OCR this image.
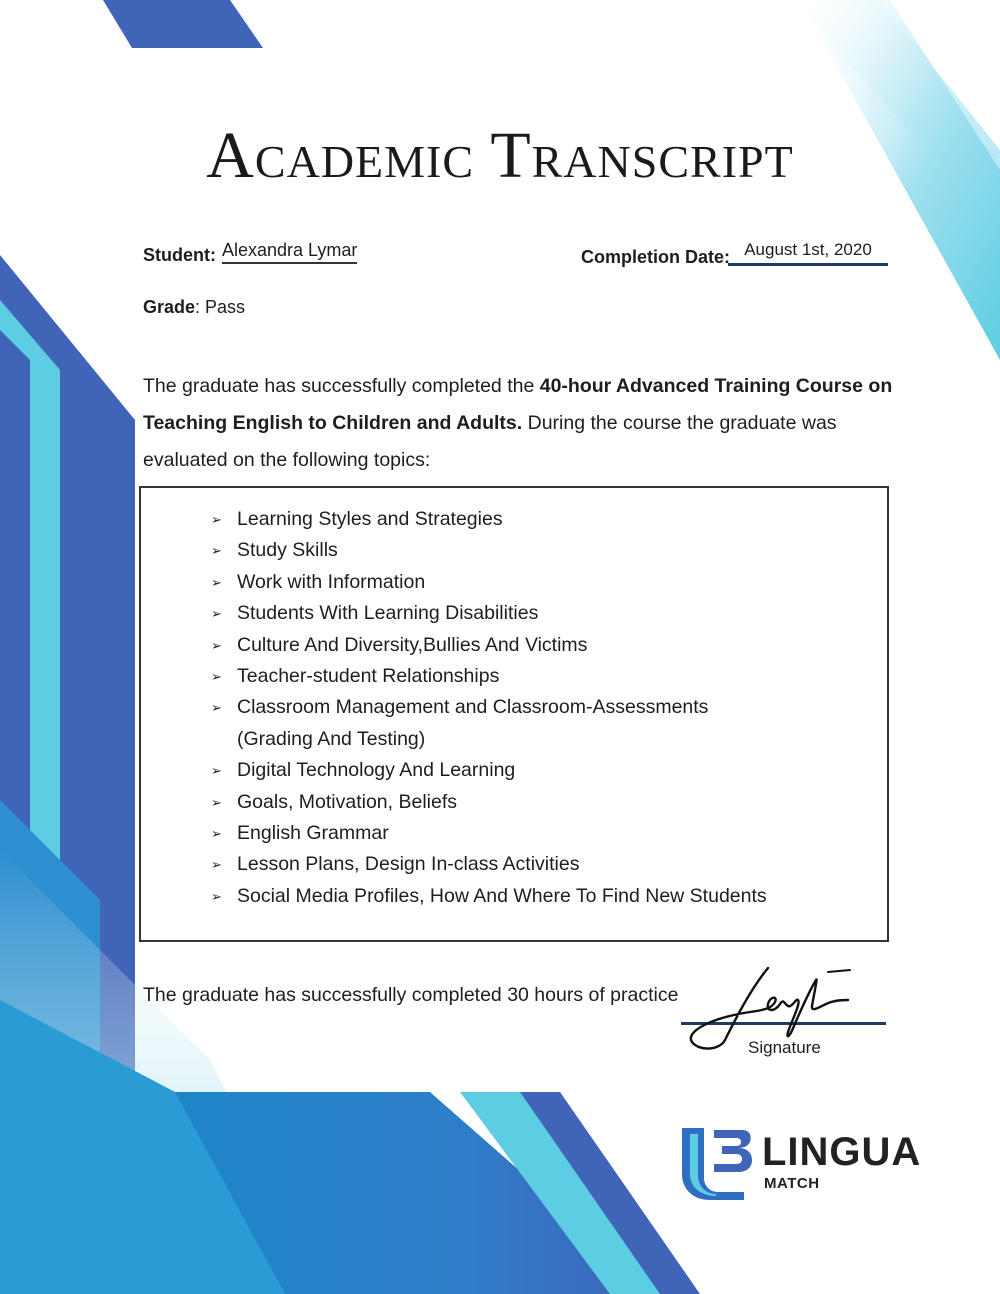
Academic Transcript
Student: Alexandra Lymar	Completion Date: August 1st, 2020
Grade: Pass
The graduate has successfully completed the 40-hour Advanced Training Course on Teaching English to Children and Adults. During the course the graduate was evaluated on the following topics:
➢ Learning Styles and Strategies
➢ Study Skills
➢ Work with Information
➢ Students With Learning Disabilities
➢ Culture And Diversity,Bullies And Victims
➢ Teacher-student Relationships
➢ Classroom Management and Classroom-Assessments
(Grading And Testing)
➢ Digital Technology And Learning
➢ Goals, Motivation, Beliefs
➢ English Grammar
➢ Lesson Plans, Design In-class Activities
➢ Social Media Profiles, How And Where To Find New Students
The graduate has successfully completed 30 hours of practice
Signature
LINGUA
MATCH
